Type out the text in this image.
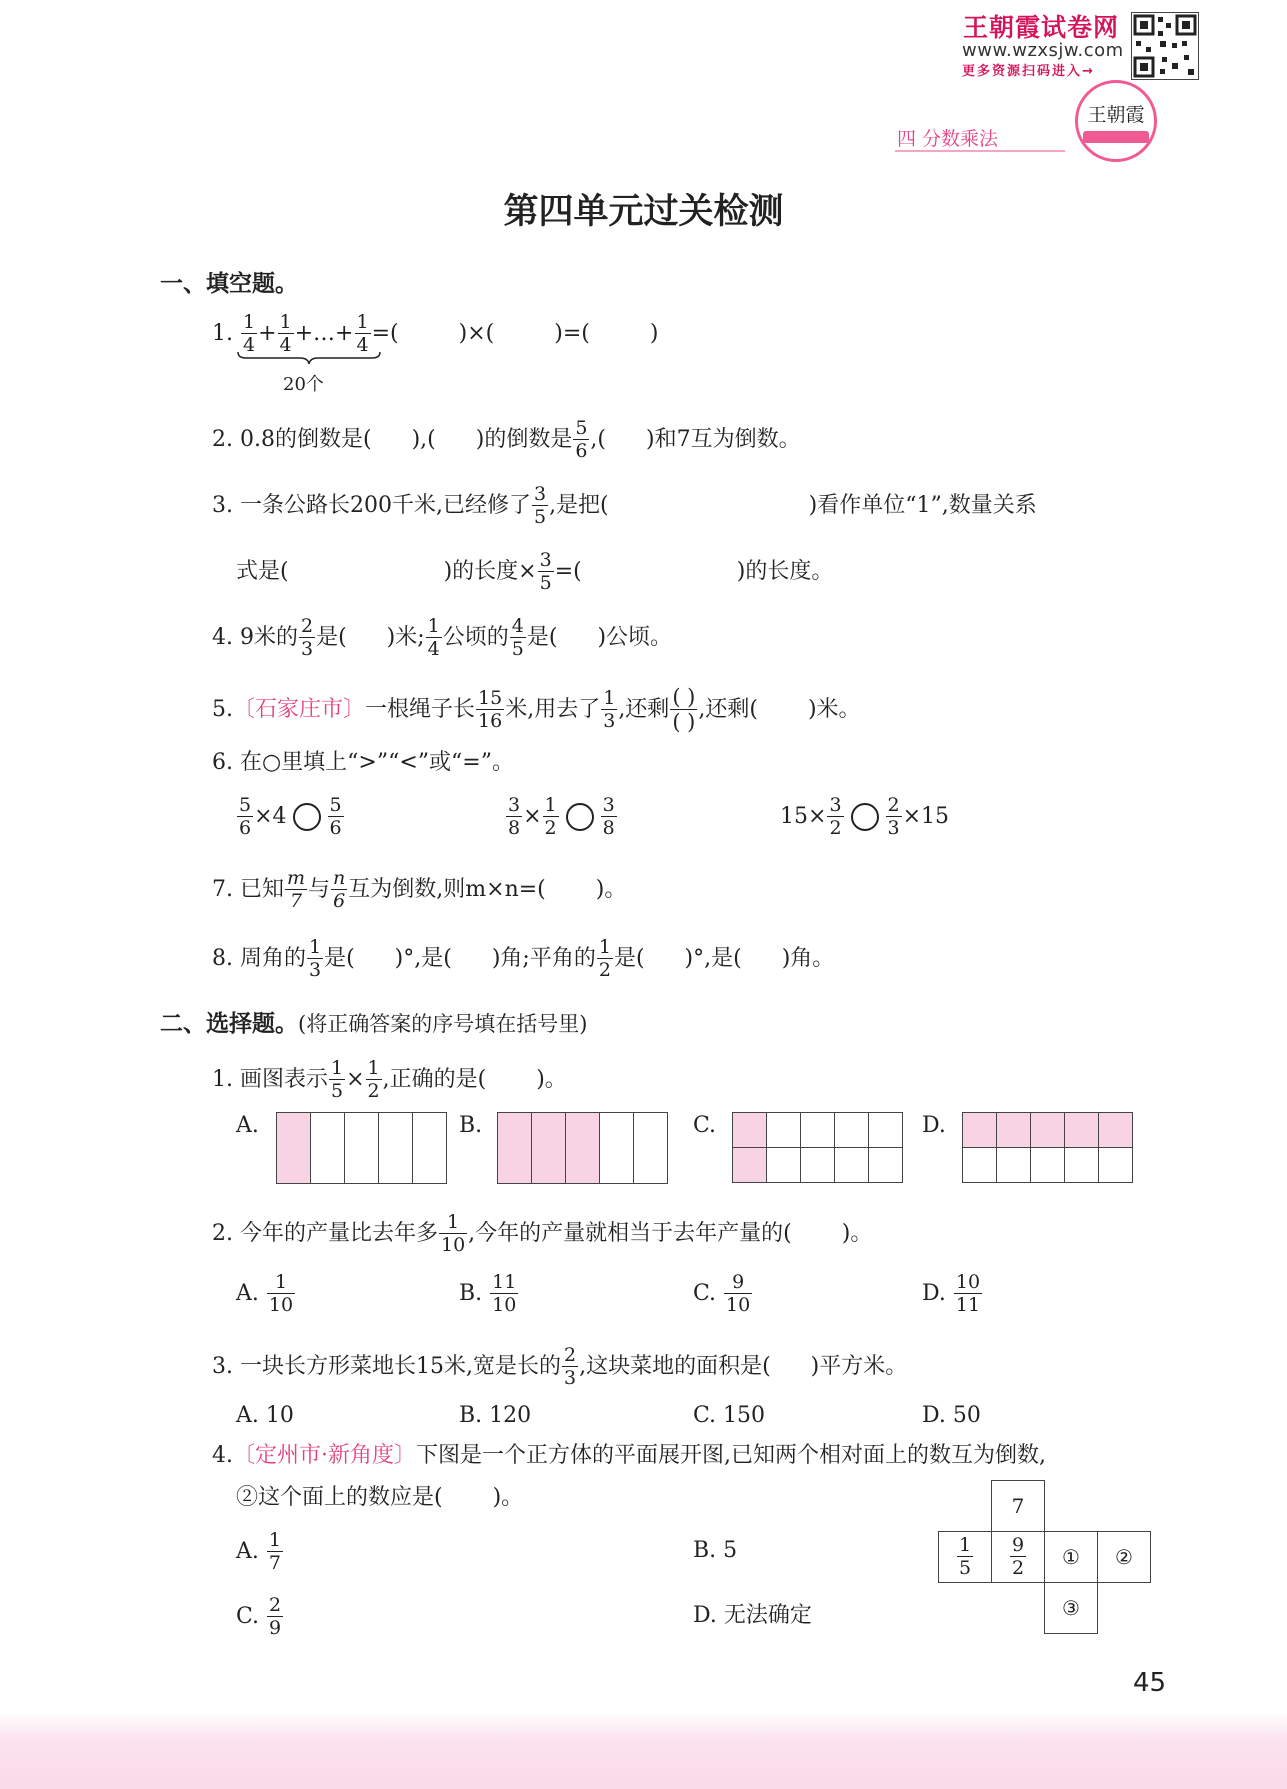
王朝霞试卷网
www.wzxsjw.com
更多资源扫码进入→
王朝霞
四 分数乘法
第四单元过关检测
一、填空题。
1. $\frac{1}{4} + \frac{1}{4}$ +…+ $\frac{1}{4}$ =(	)×(	)=(	)
20个
2. 0.8的倒数是( ),( )的倒数是 $\frac{5}{6}$ ,( )和7互为倒数。
3. 一条公路长200千米,已经修了 $\frac{3}{5}$ ,是把(	)看作单位“1”,数量关系
式是(	)的长度× $\frac{3}{5}$ =(	)的长度。
4. 9米的 $\frac{2}{3}$ 是( )米; $\frac{1}{4}$ 公顷的 $\frac{4}{5}$ 是( )公顷。
5.〔石家庄市〕一根绳子长 $\frac{15}{16}$ 米,用去了 $\frac{1}{3}$ ,还剩 $\frac{( )}{( )}$ ,还剩( )米。
6. 在○里填上“>”“<”或“=”。
$\frac{5}{6} \times 4 \frac{5}{6}$	$\frac{3}{8} \times \frac{1}{2} \frac{3}{8}$	$15\times \frac{3}{2} \frac{2}{3} \times 15$
7. 已知 $\frac{m}{7}$ 与 $\frac{n}{6}$ 互为倒数,则m×n=( )。
8. 周角的 $\frac{1}{3}$ 是( )°,是( )角;平角的 $\frac{1}{2}$ 是( )°,是( )角。
二、选择题。(将正确答案的序号填在括号里)
1. 画图表示 $\frac{1}{5} \times \frac{1}{2}$ ,正确的是( )。
A.	B.	C.	D.

2. 今年的产量比去年多 $\frac{1}{10}$ ,今年的产量就相当于去年产量的( )。
A. $\frac{1}{10}$	B. $\frac{11}{10}$	C. $\frac{9}{10}$	D. $\frac{10}{11}$
3. 一块长方形菜地长15米,宽是长的 $\frac{2}{3}$ ,这块菜地的面积是( )平方米。
A. 10	B. 120	C. 150	D. 50
4.〔定州市·新角度〕下图是一个正方体的平面展开图,已知两个相对面上的数互为倒数,
②这个面上的数应是( )。
A. $\frac{1}{7}$	B. 5
C. $\frac{2}{9}$	D. 无法确定
	7		

$\frac{1}{5}$	$\frac{9}{2}$	①	②
		③	
45
